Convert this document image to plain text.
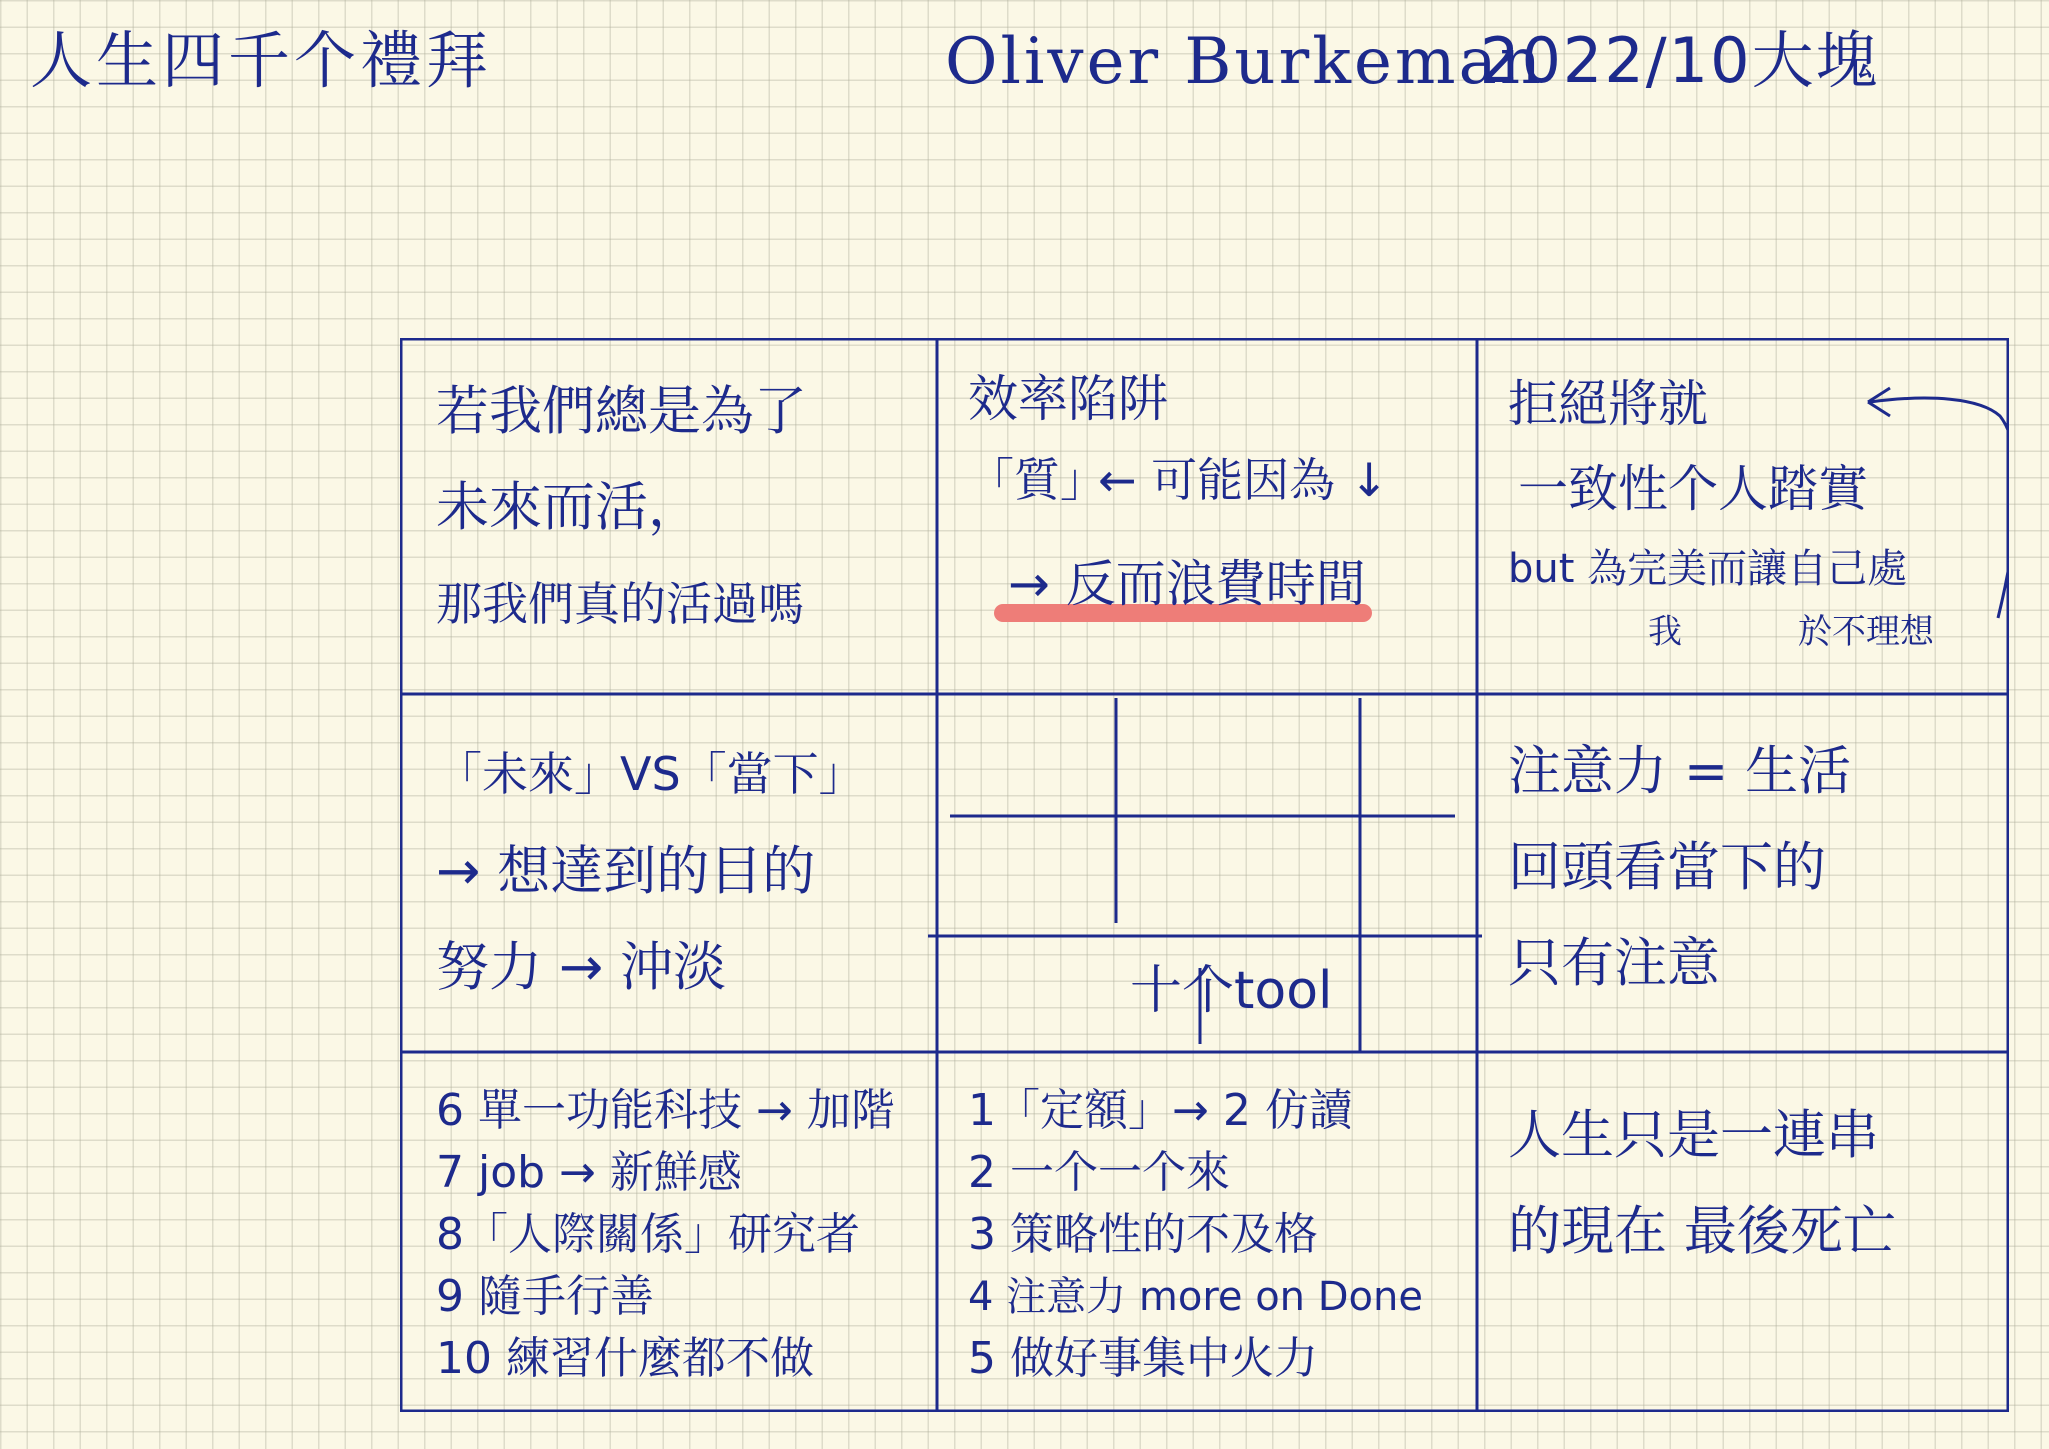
人生四千个禮拜	Oliver Burkeman
2022/10大塊
若我們總是為了
未來而活，
那我們真的活過嗎
效率陷阱
「質」
← 可能因為 ↓
→ 反而浪費時間
拒絕將就
一致性个人踏實
but 為完美而讓自己處
我	於不理想
「未來」VS「當下」
→ 想達到的目的
努力 → 沖淡	十个tool
注意力 = 生活
回頭看當下的
只有注意
6 單一功能科技 → 加階
7 job → 新鮮感
8「人際關係」研究者
9 隨手行善
10 練習什麼都不做
1「定額」→ 2 仿讀
2 一个一个來
3 策略性的不及格
4 注意力 more on Done
5 做好事集中火力
人生只是一連串
的現在 最後死亡
